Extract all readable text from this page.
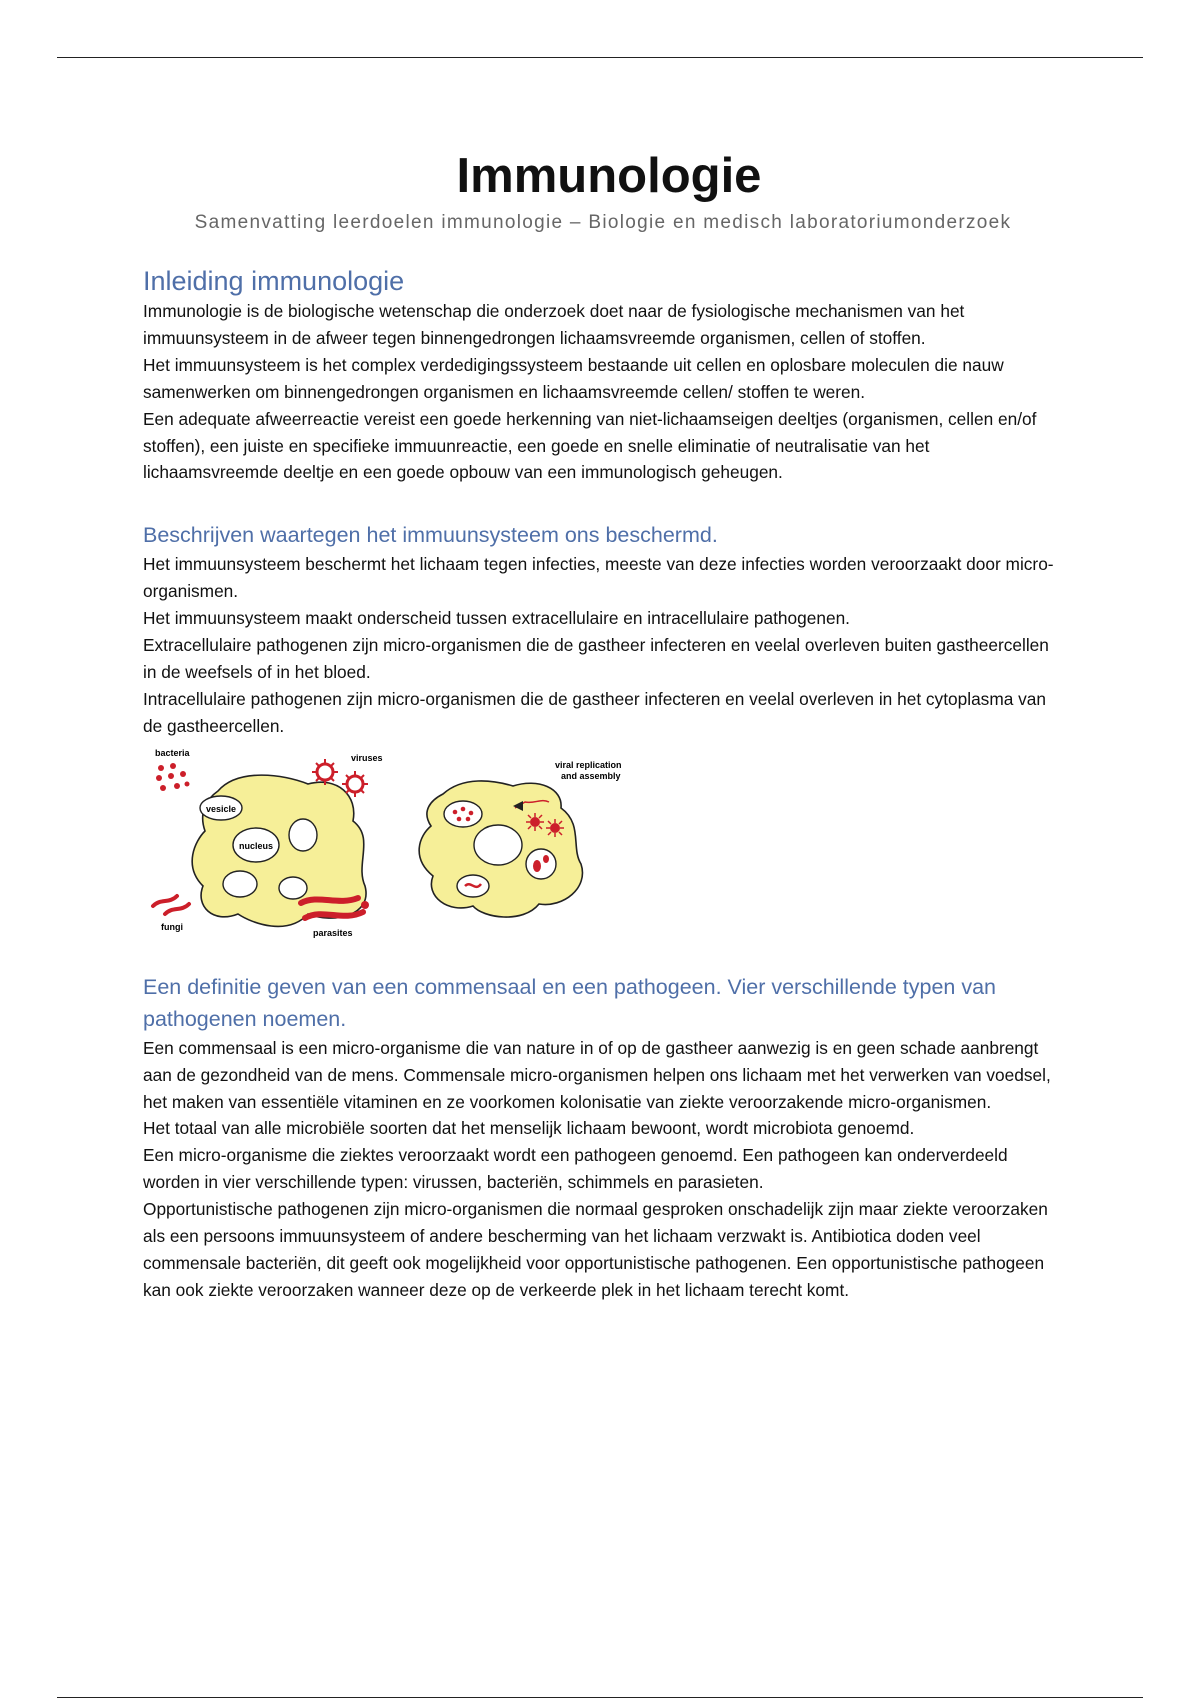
Immunologie

Samenvatting leerdoelen immunologie – Biologie en medisch laboratoriumonderzoek

Inleiding immunologie

Immunologie is de biologische wetenschap die onderzoek doet naar de fysiologische mechanismen van het immuunsysteem in de afweer tegen binnengedrongen lichaamsvreemde organismen, cellen of stoffen.

Het immuunsysteem is het complex verdedigingssysteem bestaande uit cellen en oplosbare moleculen die nauw samenwerken om binnengedrongen organismen en lichaamsvreemde cellen/ stoffen te weren.

Een adequate afweerreactie vereist een goede herkenning van niet-lichaamseigen deeltjes (organismen, cellen en/of stoffen), een juiste en specifieke immuunreactie, een goede en snelle eliminatie of neutralisatie van het lichaamsvreemde deeltje en een goede opbouw van een immunologisch geheugen.

Beschrijven waartegen het immuunsysteem ons beschermd.

Het immuunsysteem beschermt het lichaam tegen infecties, meeste van deze infecties worden veroorzaakt door micro-organismen.

Het immuunsysteem maakt onderscheid tussen extracellulaire en intracellulaire pathogenen.

Extracellulaire pathogenen zijn micro-organismen die de gastheer infecteren en veelal overleven buiten gastheercellen in de weefsels of in het bloed.

Intracellulaire pathogenen zijn micro-organismen die de gastheer infecteren en veelal overleven in het cytoplasma van de gastheercellen.

vesicle
nucleus
bacteria	viruses
fungi
parasites
viral replication
and assembly
Een definitie geven van een commensaal en een pathogeen. Vier verschillende typen van pathogenen noemen.

Een commensaal is een micro-organisme die van nature in of op de gastheer aanwezig is en geen schade aanbrengt aan de gezondheid van de mens. Commensale micro-organismen helpen ons lichaam met het verwerken van voedsel, het maken van essentiële vitaminen en ze voorkomen kolonisatie van ziekte veroorzakende micro-organismen.

Het totaal van alle microbiële soorten dat het menselijk lichaam bewoont, wordt microbiota genoemd.

Een micro-organisme die ziektes veroorzaakt wordt een pathogeen genoemd. Een pathogeen kan onderverdeeld worden in vier verschillende typen: virussen, bacteriën, schimmels en parasieten.

Opportunistische pathogenen zijn micro-organismen die normaal gesproken onschadelijk zijn maar ziekte veroorzaken als een persoons immuunsysteem of andere bescherming van het lichaam verzwakt is. Antibiotica doden veel commensale bacteriën, dit geeft ook mogelijkheid voor opportunistische pathogenen. Een opportunistische pathogeen kan ook ziekte veroorzaken wanneer deze op de verkeerde plek in het lichaam terecht komt.
